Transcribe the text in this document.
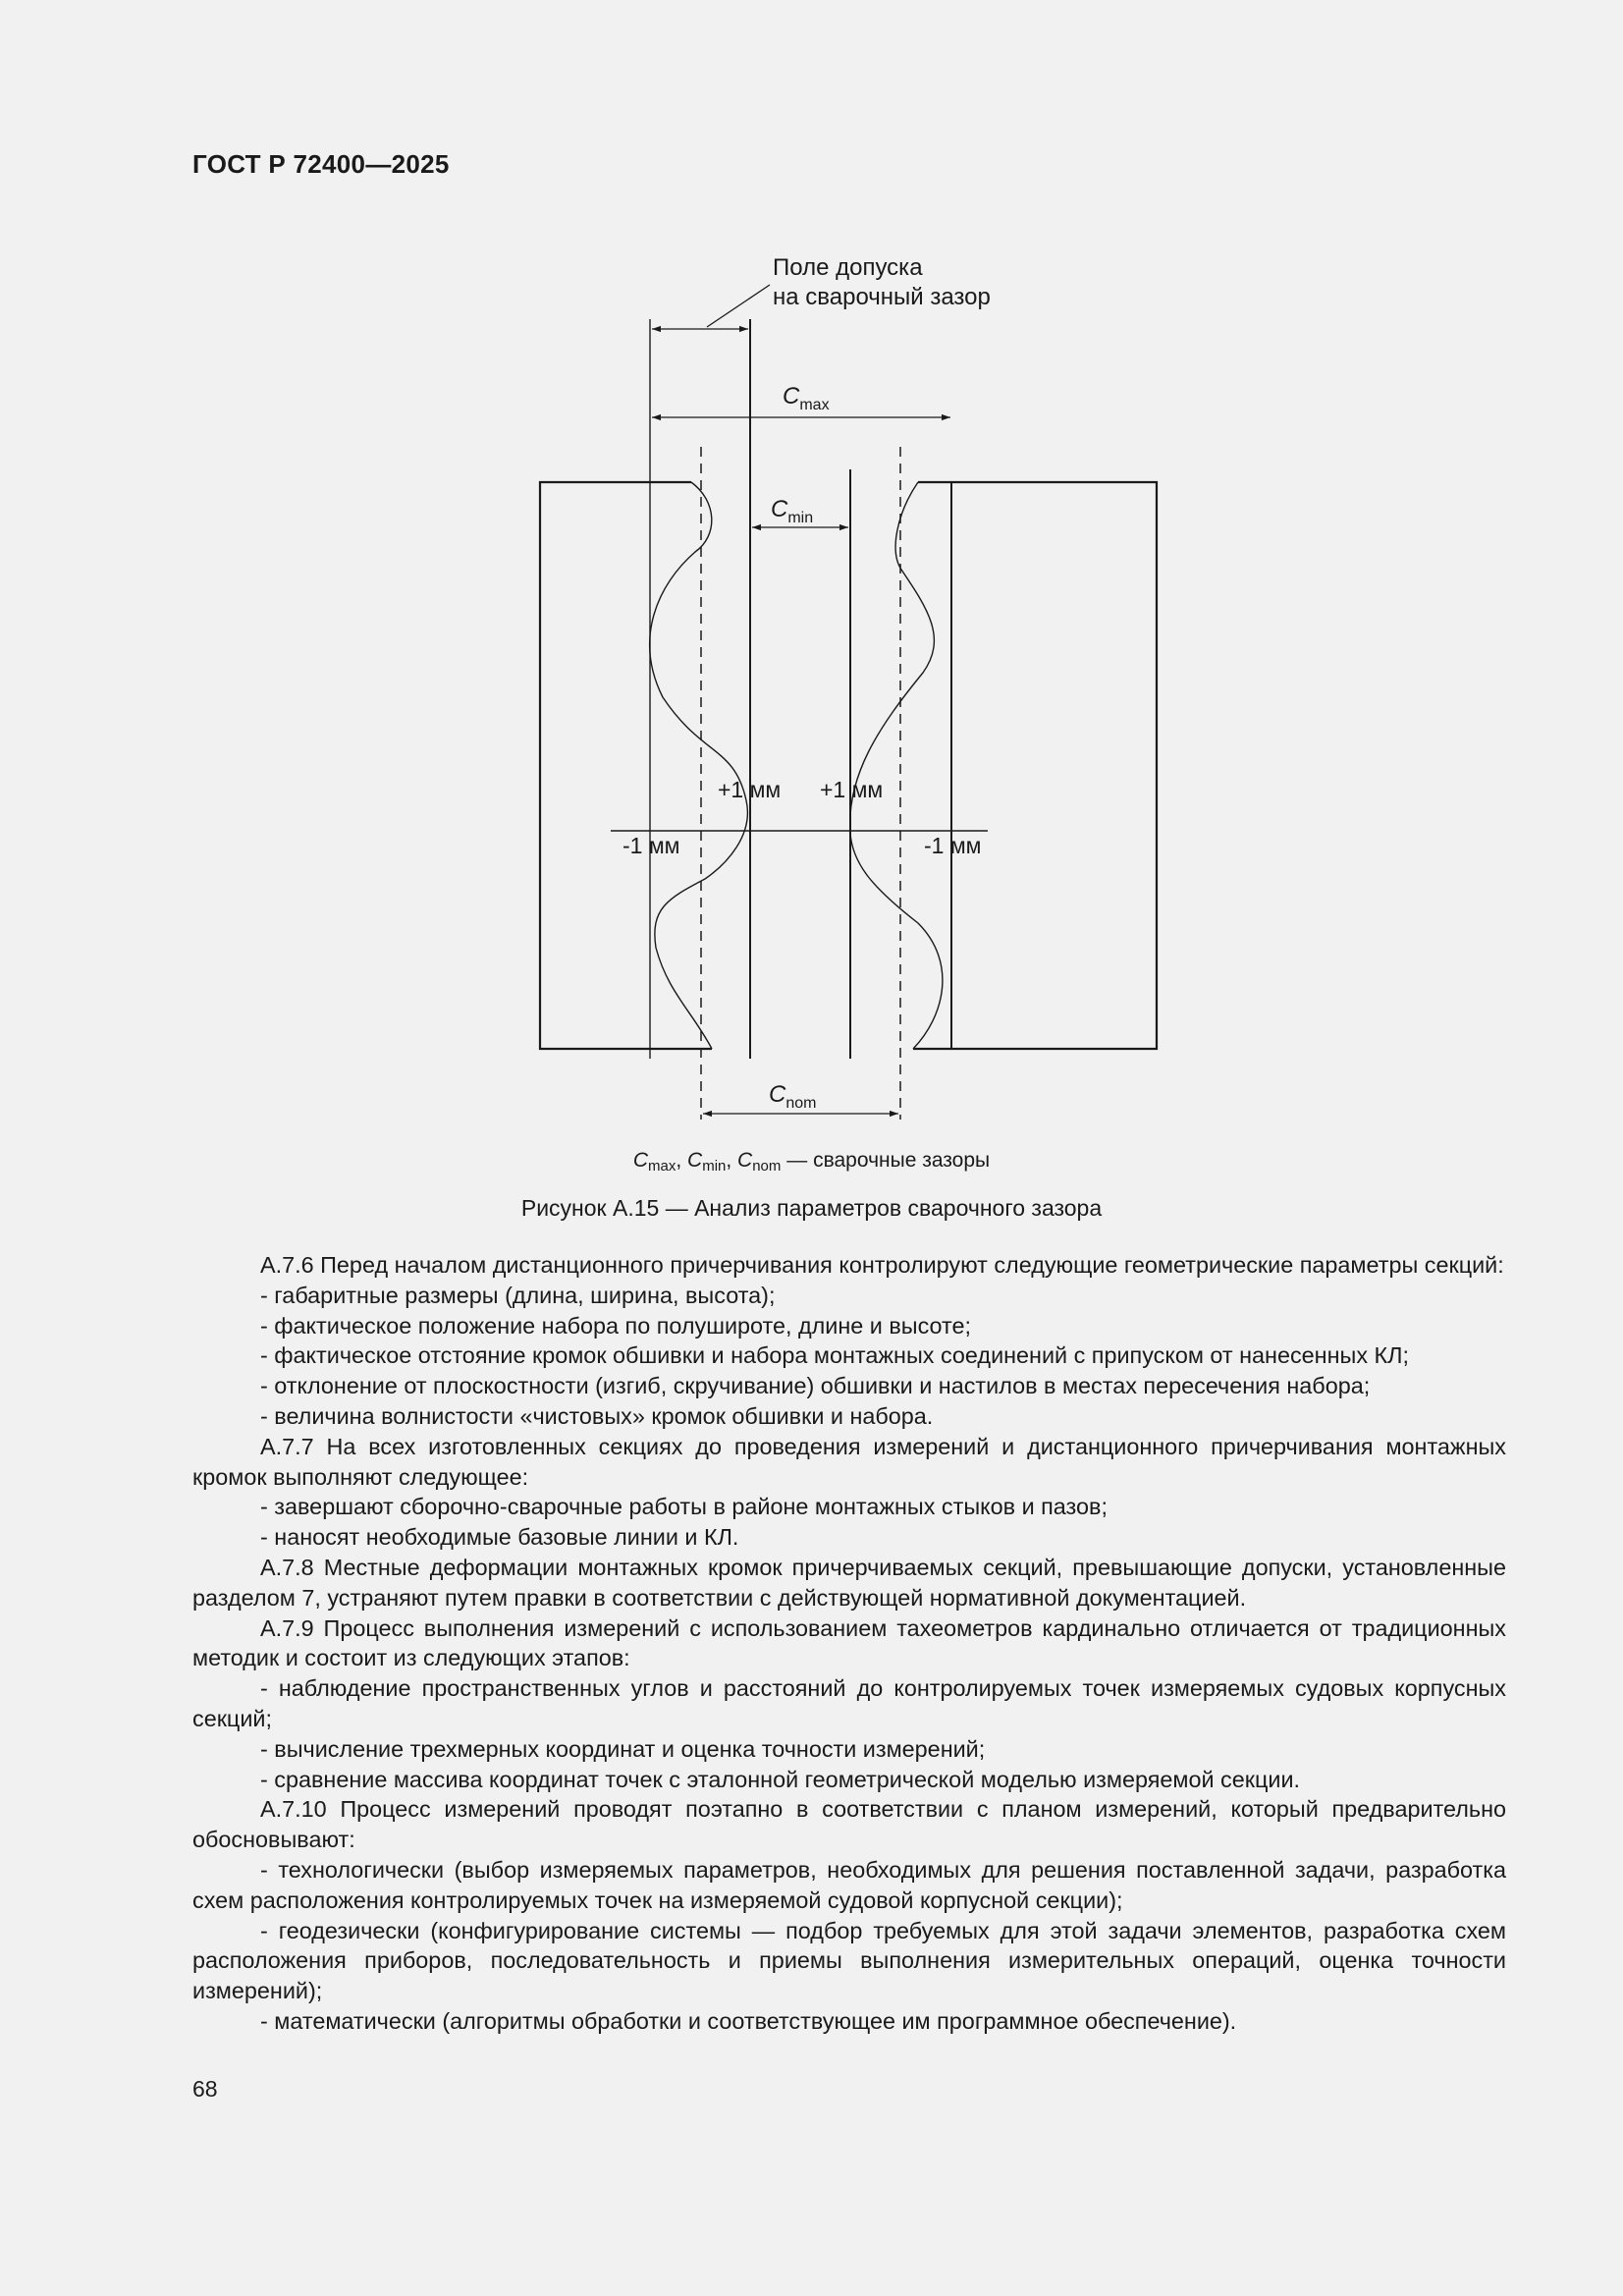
ГОСТ Р 72400—2025
Поле допуска
на сварочный зазор
$C_{max}$
$C_{min}$
$C_{nom}$
+1 мм +1 мм
-1 мм	-1 мм
$C_{max}$, $C_{min}$, $C_{nom}$ — сварочные зазоры
Рисунок А.15 — Анализ параметров сварочного зазора

А.7.6 Перед началом дистанционного причерчивания контролируют следующие геометрические параметры секций:

- габаритные размеры (длина, ширина, высота);

- фактическое положение набора по полушироте, длине и высоте;

- фактическое отстояние кромок обшивки и набора монтажных соединений с припуском от нанесенных КЛ;

- отклонение от плоскостности (изгиб, скручивание) обшивки и настилов в местах пересечения набора;

- величина волнистости «чистовых» кромок обшивки и набора.

А.7.7 На всех изготовленных секциях до проведения измерений и дистанционного причерчивания монтажных кромок выполняют следующее:

- завершают сборочно-сварочные работы в районе монтажных стыков и пазов;

- наносят необходимые базовые линии и КЛ.

А.7.8 Местные деформации монтажных кромок причерчиваемых секций, превышающие допуски, установленные разделом 7, устраняют путем правки в соответствии с действующей нормативной документацией.

А.7.9 Процесс выполнения измерений с использованием тахеометров кардинально отличается от традиционных методик и состоит из следующих этапов:

- наблюдение пространственных углов и расстояний до контролируемых точек измеряемых судовых корпусных секций;

- вычисление трехмерных координат и оценка точности измерений;

- сравнение массива координат точек с эталонной геометрической моделью измеряемой секции.

А.7.10 Процесс измерений проводят поэтапно в соответствии с планом измерений, который предварительно обосновывают:

- технологически (выбор измеряемых параметров, необходимых для решения поставленной задачи, разработка схем расположения контролируемых точек на измеряемой судовой корпусной секции);

- геодезически (конфигурирование системы — подбор требуемых для этой задачи элементов, разработка схем расположения приборов, последовательность и приемы выполнения измерительных операций, оценка точности измерений);

- математически (алгоритмы обработки и соответствующее им программное обеспечение).

68
